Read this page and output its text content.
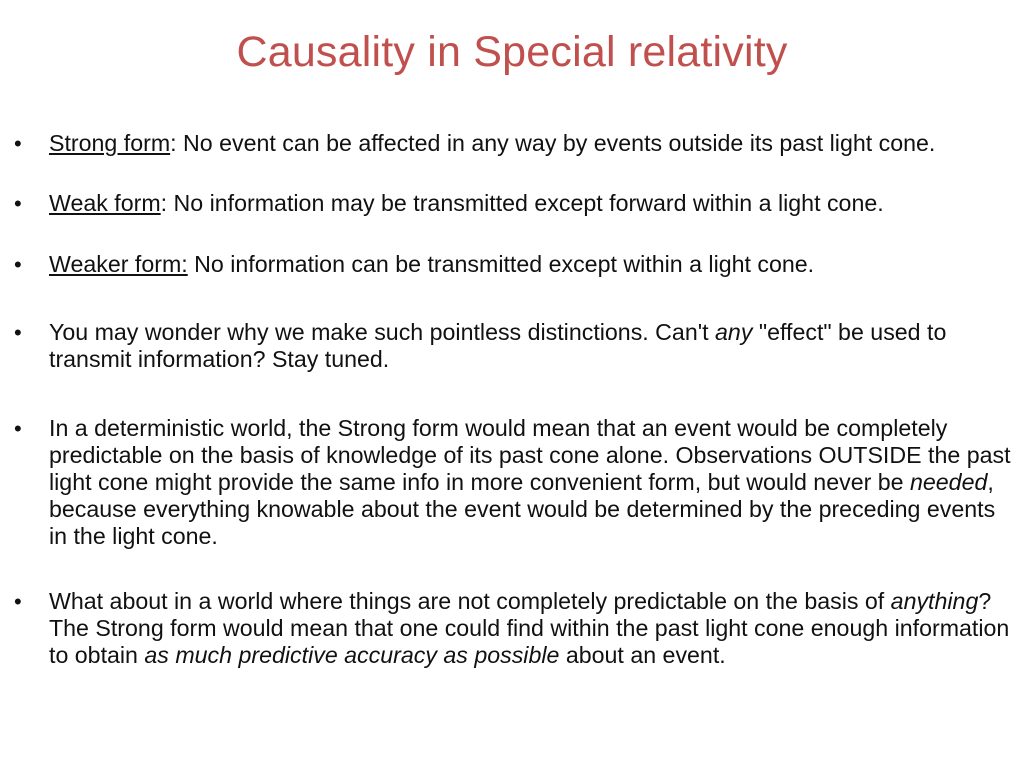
Causality in Special relativity
•	Strong form: No event can be affected in any way by events outside its past light cone.
•	Weak form: No information may be transmitted except forward within a light cone.
•	Weaker form: No information can be transmitted except within a light cone.
•	You may wonder why we make such pointless distinctions. Can't any "effect" be used to transmit information? Stay tuned.
•	In a deterministic world, the Strong form would mean that an event would be completely predictable on the basis of knowledge of its past cone alone. Observations OUTSIDE the past light cone might provide the same info in more convenient form, but would never be needed, because everything knowable about the event would be determined by the preceding events in the light cone.
•	What about in a world where things are not completely predictable on the basis of anything? The Strong form would mean that one could find within the past light cone enough information to obtain as much predictive accuracy as possible about an event.
